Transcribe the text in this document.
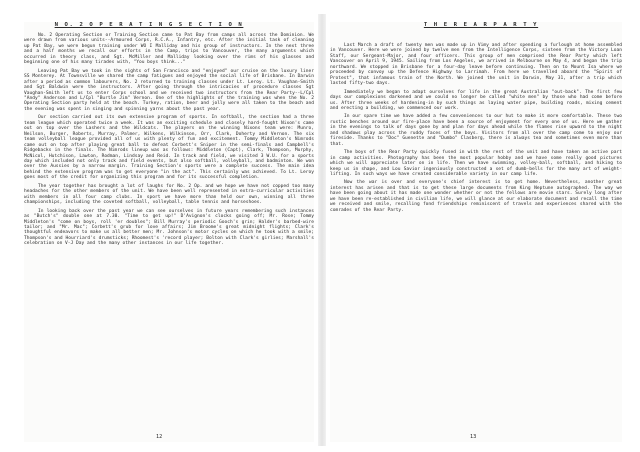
N O. 2 O P E R A T I N G S E C T I O N

No. 2 Operating Section or Training Section came to Pat Bay from camps all across the Dominion. We were drawn from various units--Armoured Corps, R.C.A., Infantry, etc. After the initial task of cleaning up Pat Bay, we were begun training under WO I Malliday and his group of instructors. In the next three and a half months we recall our efforts in the Camp, trips to Vancouver, the many arguments which occurred in theory class, and Sgt. McMiller and Malliday looking over the rims of his glasses and beginning one of his many tirades with, "You boys think..."

Leaving Pat Bay we took in the sights of San Francisco and "enjoyed" our cruise on the luxury liner SS Monterey. At Townsville we shared the camp fatigues and enjoyed the social life of Brisbane. In Darwin after a period as common labourers, No. 2 returned to training classes under Lt. Leroy. Lt. Vaughan-Smith and Sgt Baldwin were the instructors. After going through the intricacies of procedure classes Sgt Vaughan-Smith left us to enter Corps school and we received two instructors from the Rear Party--L/Cpl "Andy" Anderson and L/Cpl "Burtle Jim" Vernon. One of the highlights of the training was when the No. 2 Operating Section party held at the beach. Turkey, ration, beer and jolly were all taken to the beach and the evening was spent in singing and spinning yarns about the past year.

Our section carried out its own extensive program of sports. In softball, the section had a three team league which operated twice a week. It was an exciting schedule and closely hard-fought Nixon's came out on top over the Lashers and the Wildcats. The players on the winning Nixons team were: Munro, Neilson, Burger, Roberts, Murray, Palmer, Wilkens, Wilkinson, Orr, Clark, Doherty and Vernon. The six team volleyball league provided all of us with plenty of fun and excitement. Tommy Middleton's Nimrods came out on top after playing great ball to defeat Corbett's Sniper in the semi-finals and Campbell's Ridgebacks in the finals. The Nimrods lineup was as follows: Middleton (Capt), Clark, Thompson, Murphy, McNicol, Hutchison, Lawton, Rodman, Lindsay and Reid. In track and field, we visited 3 W.U. for a sports day which included not only track and field events, but also softball, volleyball, and badminton. We won over the Aussies by a narrow margin. Training Section's sports were a complete success. The main idea behind the extensive program was to get everyone "in the act". This certainly was achieved. To Lt. Leroy goes most of the credit for organizing this program and for its successful completion.

The year together has brought a lot of laughs for No. 2 Op. and we hope we have not copped too many headaches for the other members of the unit. We have been well represented in extra-curricular activities with members in all four camp clubs. In sport we have more than held our own, winning all three championships, including the coveted softball, volleyball, table tennis and horseshoes.

In looking back over the past year we can see ourselves in future years remembering such instances as "Butch's" double one at 7.30. "Time to get up!" D'Avignon's clocks going off; Mr. Rose; Tommy Middleton's "come on boys, roll 'er doubles"; Bill Murray's periodic Gooch's grin; Halder's barbed-wire tailor; and "Mr. Mac"; Corbett's grub for love affairs; Jim Broome's great midnight flights; Clark's thoughtful endeavors to make us all better men; Mr. Johnson's motor cycles on which he took with a smile; Thompson's and Hourriard's drumsticks; Rhoomest's 'record player; Bolton with Clark's girlies; Marshall's celebration on V-J Day and the many other instances in our life together.

12
T H E R E A R P A R T Y

Last March a draft of twenty men was made up in Vimy and after spending a furlough at home assembled in Vancouver. Here we were joined by twelve men from the Intelligence Corps, sixteen from the Victory Loan Staff, our Sergeant-Major, and four officers. This group of men comprised the Rear Party which left Vancouver on April 9, 1945. Sailing from Los Angeles, we arrived in Melbourne on May 4, and began the trip northward. We stopped in Brisbane for a four-day leave before continuing. Then on to Mount Isa where we proceeded by convoy up the Defence Highway to Larrimah. From here we travelled aboard the "Spirit of Protest", that infamous train of the North. We joined the unit in Darwin, May 31, after a trip which lasted fifty-two days.

Immediately we began to adapt ourselves for life in the great Australian "out-back". The first few days our complexions darkened and we could no longer be called "white men" by those who had come before us. After three weeks of hardening-in by such things as laying water pipe, building roads, mixing cement and erecting a building, we commenced our work.

In our spare time we have added a few conveniences to our hut to make it more comfortable. These two rustic benches around our fire-place have been a source of enjoyment for every one of us. Here we gather in the evenings to talk of days gone by and plan for days ahead while the flames rise upward to the night and shadows play across the ruddy faces of the boys. Visitors from all over the camp come to enjoy our fireside. Thanks to "Doc" Guenette and "Dumbo" Clasberg, there is always tea and sometimes even more than that.

The boys of the Rear Party quickly fused in with the rest of the unit and have taken an active part in camp activities. Photography has been the most popular hobby and we have some really good pictures which we will appreciate later on in life. Then we have swimming, volley-ball, softball, and hiking to keep us in shape, and Lou Savior ingeniously constructed a set of dumb-bells for the many art of weight-lifting. In such ways we have created considerable variety in our camp life.

Now the war is over and everyone's chief interest is to get home. Nevertheless, another great interest has arisen and that is to get these large documents from King Neptune autographed. The way we have been going about it has made one wonder whether or not the fellows are movie stars. Surely long after we have been re-established in civilian life, we will glance at our elaborate document and recall the time we received and smile, recalling fond friendships reminiscent of travels and experiences shared with the comrades of the Rear Party.

13
